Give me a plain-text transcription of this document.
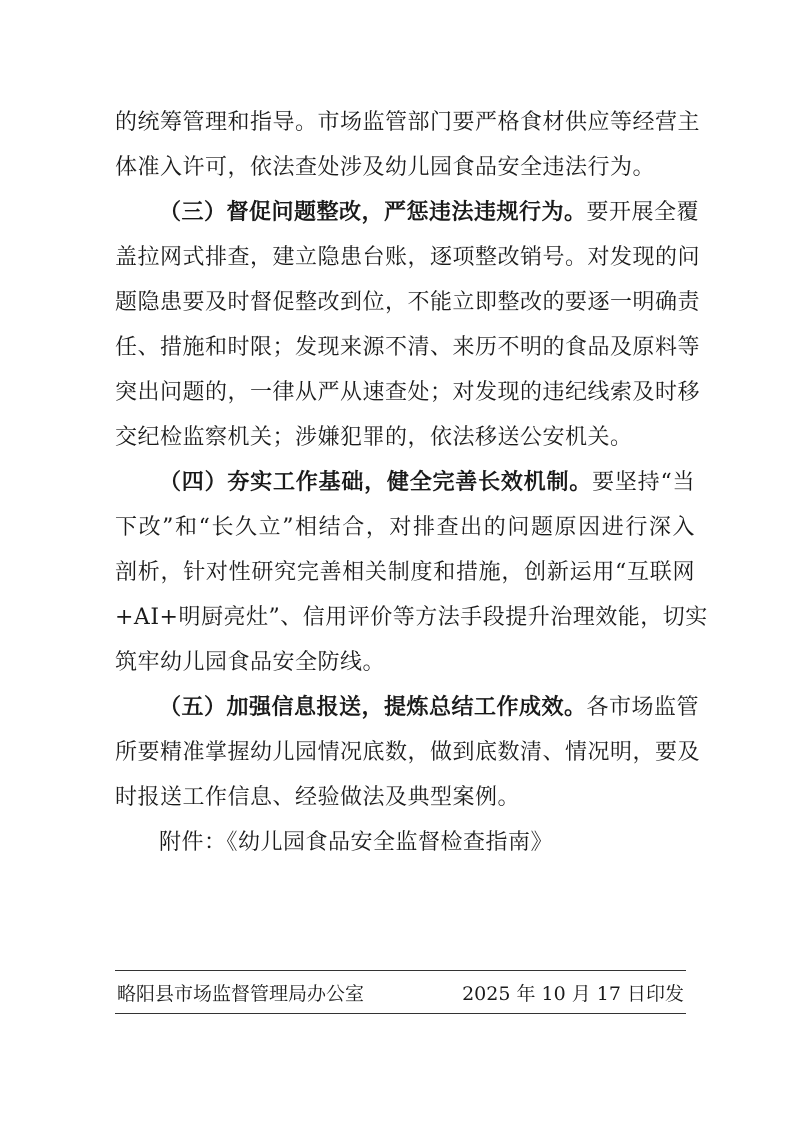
的统筹管理和指导。市场监管部门要严格食材供应等经营主
体准入许可，依法查处涉及幼儿园食品安全违法行为。
（三）督促问题整改，严惩违法违规行为。要开展全覆
盖拉网式排查，建立隐患台账，逐项整改销号。对发现的问
题隐患要及时督促整改到位，不能立即整改的要逐一明确责
任、措施和时限；发现来源不清、来历不明的食品及原料等
突出问题的，一律从严从速查处；对发现的违纪线索及时移
交纪检监察机关；涉嫌犯罪的，依法移送公安机关。
（四）夯实工作基础，健全完善长效机制。要坚持“当
下改”和“长久立”相结合，对排查出的问题原因进行深入
剖析，针对性研究完善相关制度和措施，创新运用“互联网
+AI+明厨亮灶”、信用评价等方法手段提升治理效能，切实
筑牢幼儿园食品安全防线。
（五）加强信息报送，提炼总结工作成效。各市场监管
所要精准掌握幼儿园情况底数，做到底数清、情况明，要及
时报送工作信息、经验做法及典型案例。
附件：《幼儿园食品安全监督检查指南》
略阳县市场监督管理局办公室	2025 年 10 月 17 日印发
